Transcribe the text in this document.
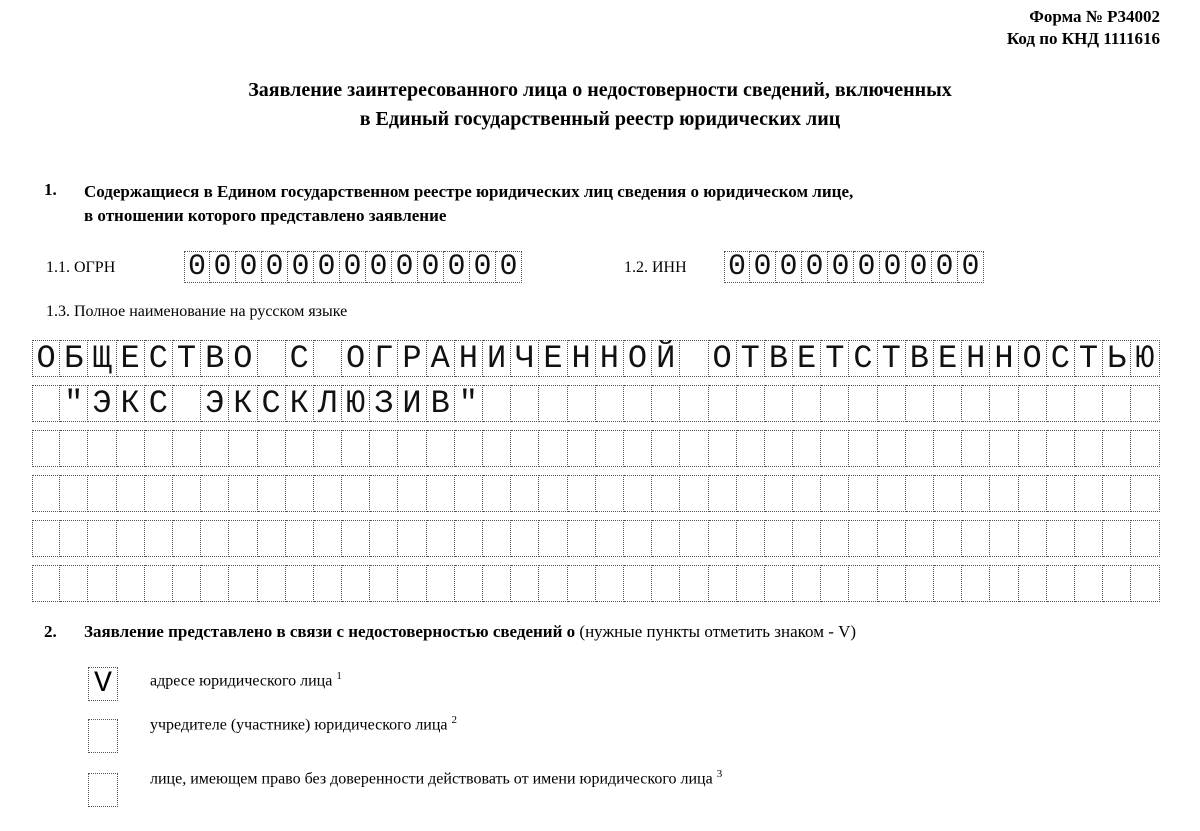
Форма № Р34002
Код по КНД 1111616
Заявление заинтересованного лица о недостоверности сведений, включенных
в Единый государственный реестр юридических лиц
1. Содержащиеся в Едином государственном реестре юридических лиц сведения о юридическом лице,
в отношении которого представлено заявление
1.1. ОГРН 0 0 0 0 0 0 0 0 0 0 0 0 0	1.2. ИНН 0 0 0 0 0 0 0 0 0 0
1.3. Полное наименование на русском языке
О Б Щ Е С Т В О С О Г Р А Н И Ч Е Н Н О Й О Т В Е Т С Т В Е Н Н О С Т Ь Ю
" Э К С Э К С К Л Ю З И В "
2. Заявление представлено в связи с недостоверностью сведений о (нужные пункты отметить знаком - V)
V	адресе юридического лица $^1$
учредителе (участнике) юридического лица $^2$
лице, имеющем право без доверенности действовать от имени юридического лица $^3$
